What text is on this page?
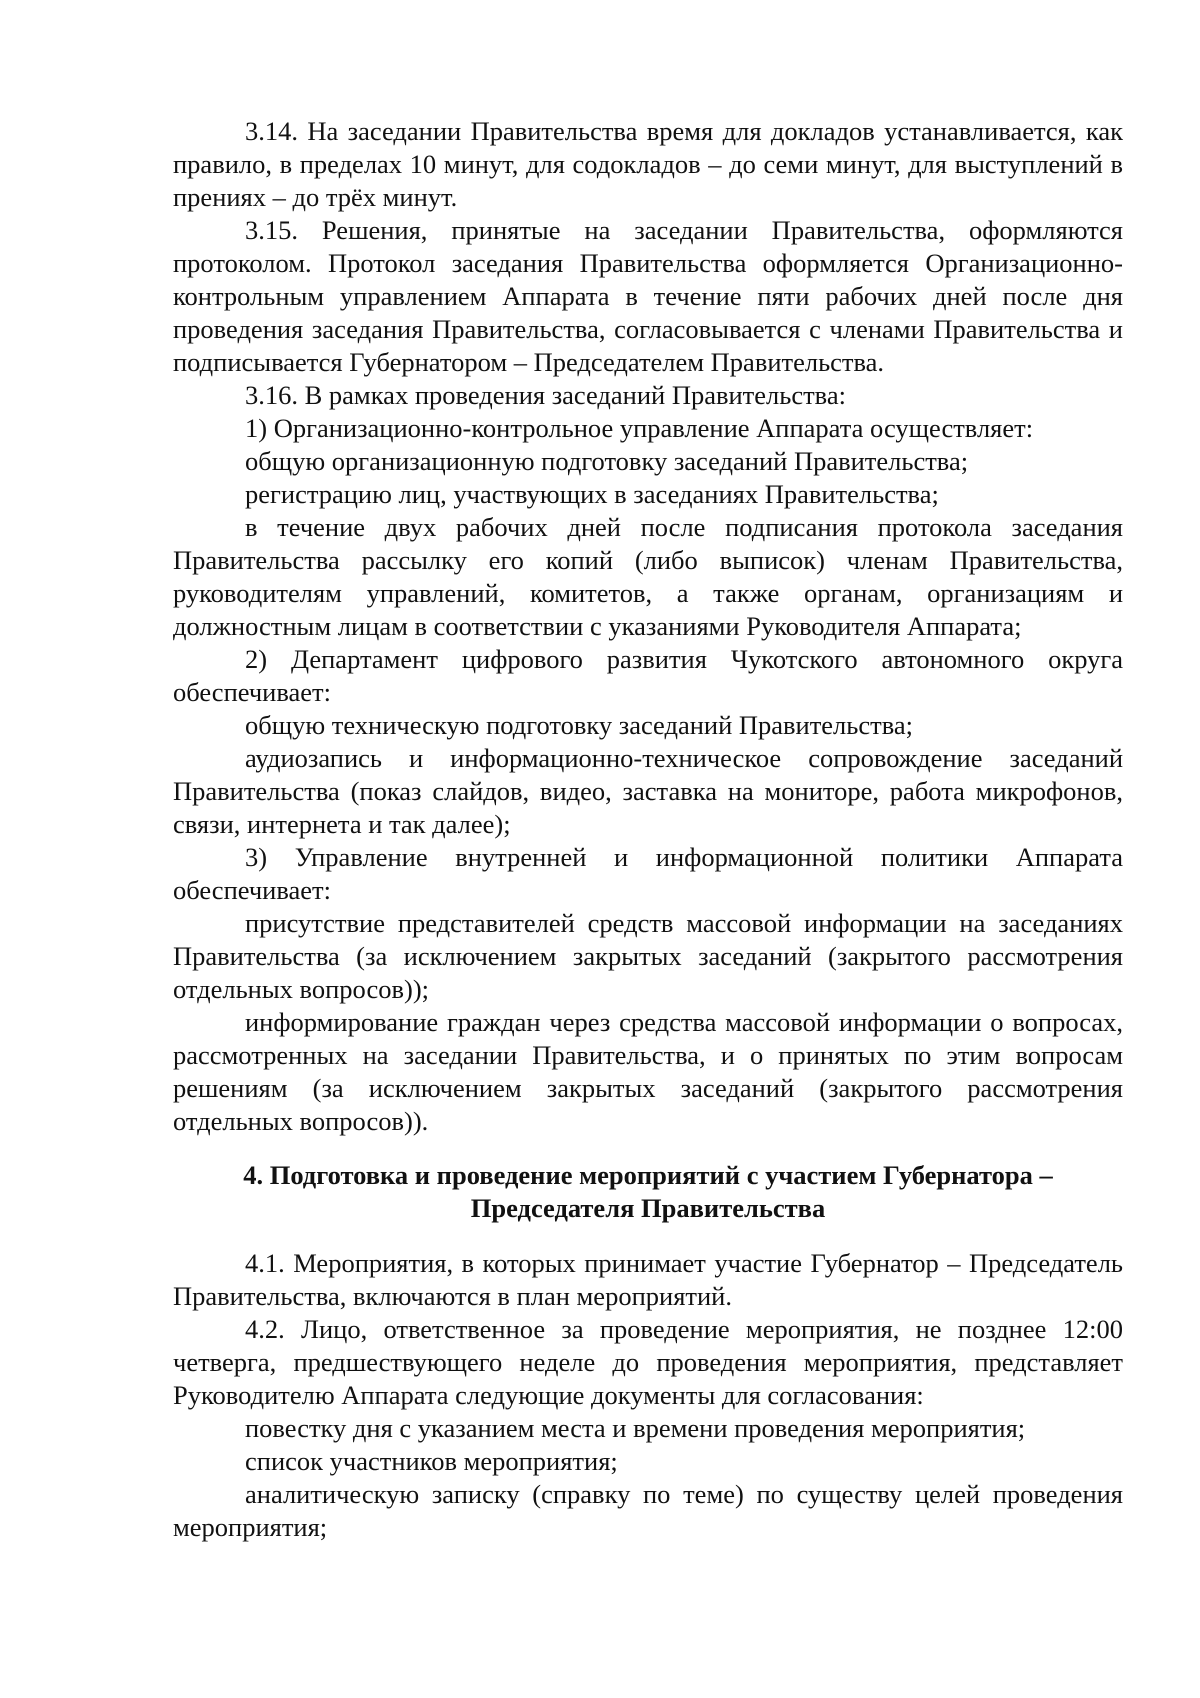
3.14. На заседании Правительства время для докладов устанавливается, как правило, в пределах 10 минут, для содокладов – до семи минут, для выступлений в прениях – до трёх минут.

3.15. Решения, принятые на заседании Правительства, оформляются протоколом. Протокол заседания Правительства оформляется Организационно-контрольным управлением Аппарата в течение пяти рабочих дней после дня проведения заседания Правительства, согласовывается с членами Правительства и подписывается Губернатором – Председателем Правительства.

3.16. В рамках проведения заседаний Правительства:

1) Организационно-контрольное управление Аппарата осуществляет:

общую организационную подготовку заседаний Правительства;

регистрацию лиц, участвующих в заседаниях Правительства;

в течение двух рабочих дней после подписания протокола заседания Правительства рассылку его копий (либо выписок) членам Правительства, руководителям управлений, комитетов, а также органам, организациям и должностным лицам в соответствии с указаниями Руководителя Аппарата;

2) Департамент цифрового развития Чукотского автономного округа обеспечивает:

общую техническую подготовку заседаний Правительства;

аудиозапись и информационно-техническое сопровождение заседаний Правительства (показ слайдов, видео, заставка на мониторе, работа микрофонов, связи, интернета и так далее);

3) Управление внутренней и информационной политики Аппарата обеспечивает:

присутствие представителей средств массовой информации на заседаниях Правительства (за исключением закрытых заседаний (закрытого рассмотрения отдельных вопросов));

информирование граждан через средства массовой информации о вопросах, рассмотренных на заседании Правительства, и о принятых по этим вопросам решениям (за исключением закрытых заседаний (закрытого рассмотрения отдельных вопросов)).

4. Подготовка и проведение мероприятий с участием Губернатора –
Председателя Правительства

4.1. Мероприятия, в которых принимает участие Губернатор – Председатель Правительства, включаются в план мероприятий.

4.2. Лицо, ответственное за проведение мероприятия, не позднее 12:00 четверга, предшествующего неделе до проведения мероприятия, представляет Руководителю Аппарата следующие документы для согласования:

повестку дня с указанием места и времени проведения мероприятия;

список участников мероприятия;

аналитическую записку (справку по теме) по существу целей проведения мероприятия;
